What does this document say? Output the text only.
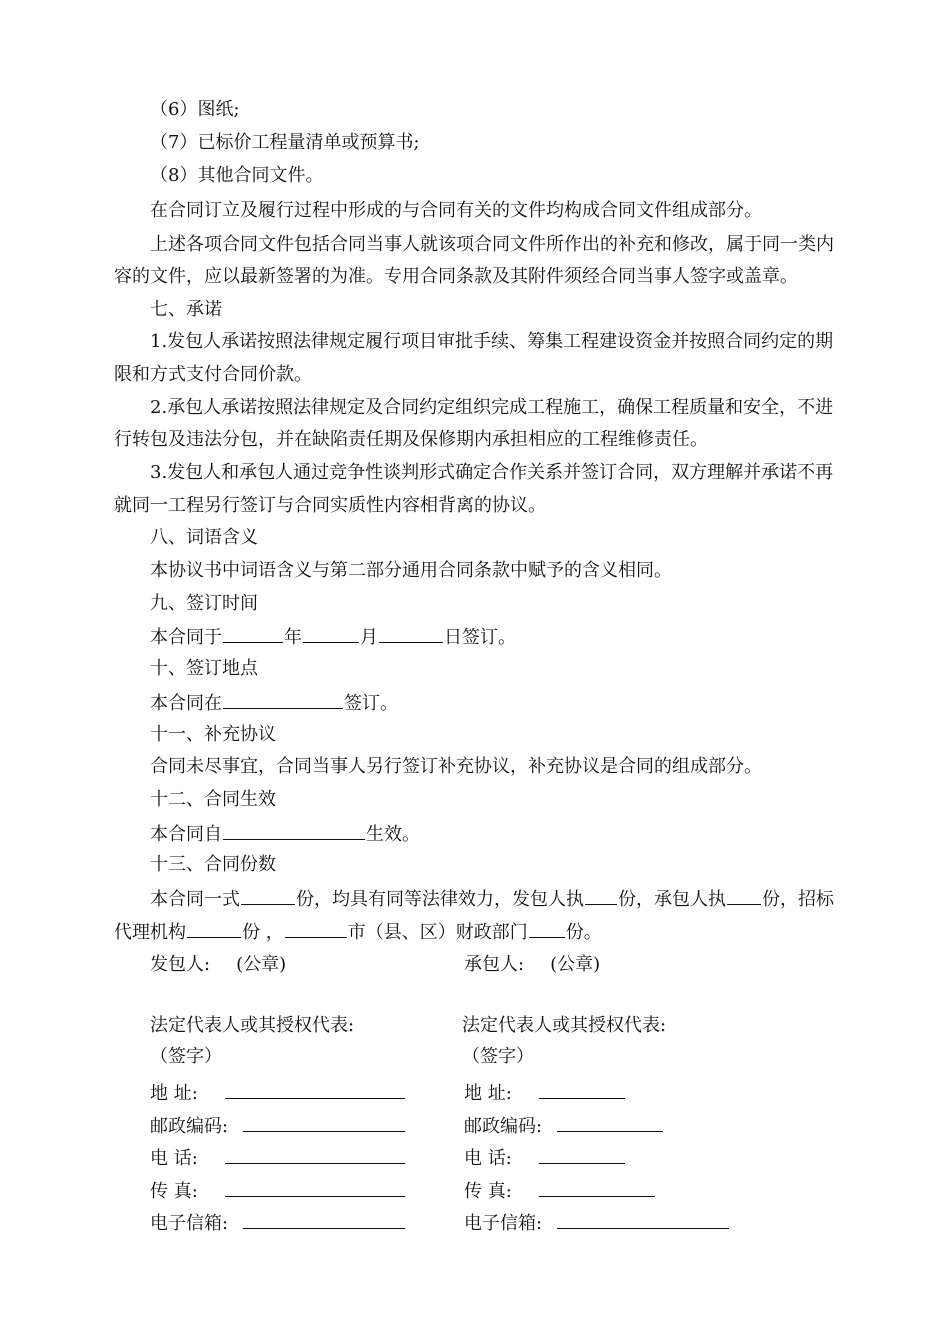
（6）图纸;
（7）已标价工程量清单或预算书;
（8）其他合同文件。
在合同订立及履行过程中形成的与合同有关的文件均构成合同文件组成部分。
上述各项合同文件包括合同当事人就该项合同文件所作出的补充和修改，属于同一类内
容的文件，应以最新签署的为准。专用合同条款及其附件须经合同当事人签字或盖章。
七、承诺
1.发包人承诺按照法律规定履行项目审批手续、筹集工程建设资金并按照合同约定的期
限和方式支付合同价款。
2.承包人承诺按照法律规定及合同约定组织完成工程施工，确保工程质量和安全，不进
行转包及违法分包，并在缺陷责任期及保修期内承担相应的工程维修责任。
3.发包人和承包人通过竞争性谈判形式确定合作关系并签订合同，双方理解并承诺不再
就同一工程另行签订与合同实质性内容相背离的协议。
八、词语含义
本协议书中词语含义与第二部分通用合同条款中赋予的含义相同。
九、签订时间
本合同于	年	月	日签订。
十、签订地点
本合同在	签订。
十一、补充协议
合同未尽事宜，合同当事人另行签订补充协议，补充协议是合同的组成部分。
十二、合同生效
本合同自	生效。
十三、合同份数
本合同一式	份，均具有同等法律效力，发包人执 份，承包人执 份，招标
代理机构	份 ，	市（县、区）财政部门 份。
发包人: (公章)
法定代表人或其授权代表:
（签字）
地 址:
邮政编码:
电 话:
传 真:
电子信箱:
承包人: (公章)
法定代表人或其授权代表:
（签字）
地 址:
邮政编码:
电 话:
传 真:
电子信箱:
